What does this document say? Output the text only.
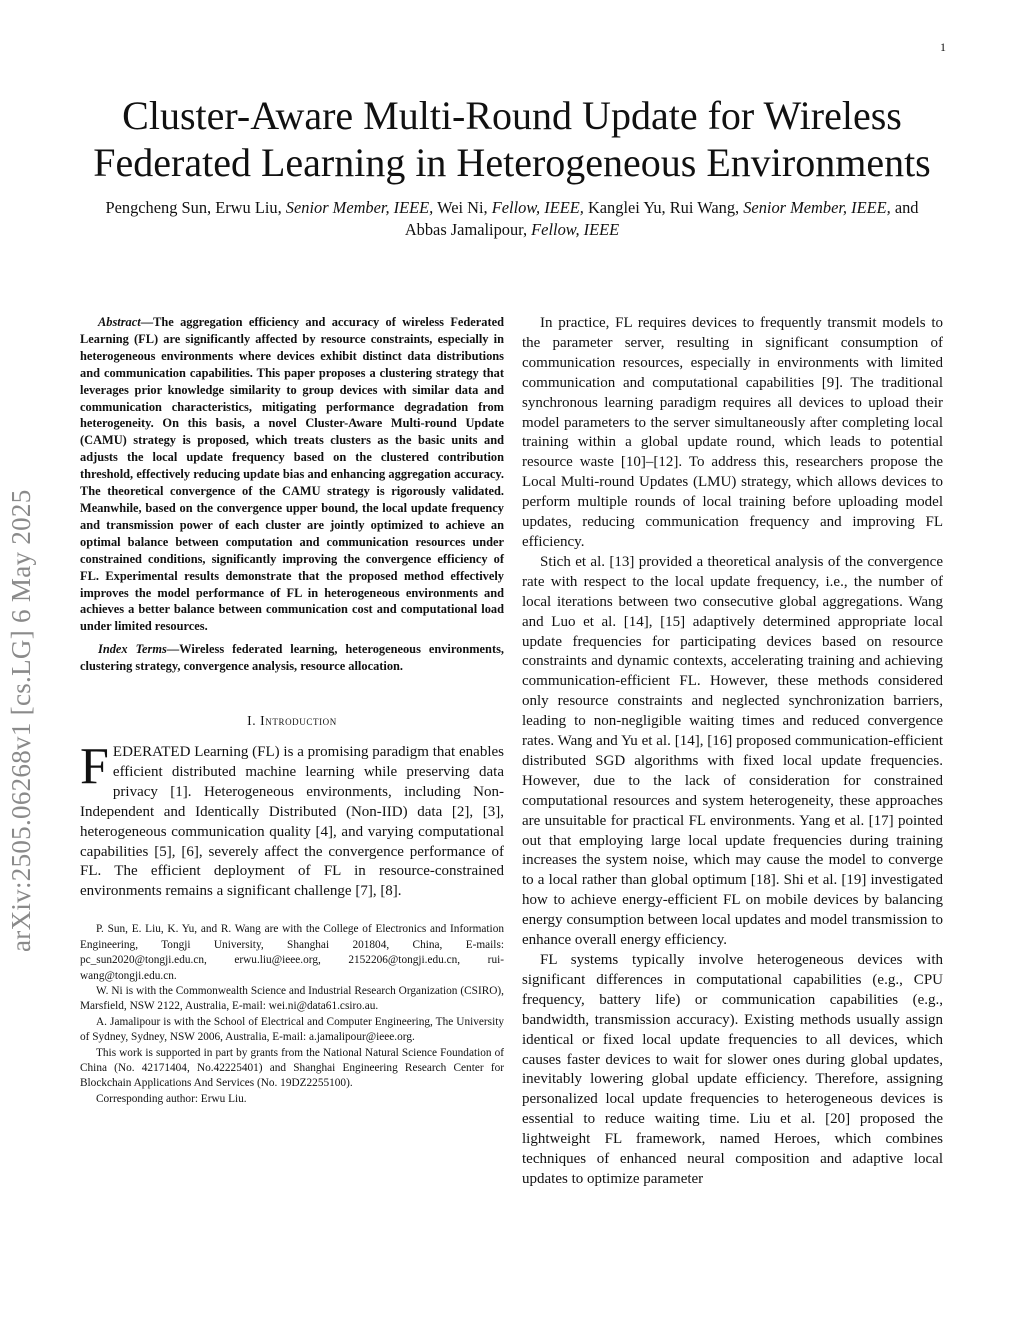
1
arXiv:2505.06268v1 [cs.LG] 6 May 2025
Cluster-Aware Multi-Round Update for Wireless Federated Learning in Heterogeneous Environments
Pengcheng Sun, Erwu Liu, Senior Member, IEEE, Wei Ni, Fellow, IEEE, Kanglei Yu, Rui Wang, Senior Member, IEEE, and Abbas Jamalipour, Fellow, IEEE

Abstract—The aggregation efficiency and accuracy of wireless Federated Learning (FL) are significantly affected by resource constraints, especially in heterogeneous environments where devices exhibit distinct data distributions and communication capabilities. This paper proposes a clustering strategy that leverages prior knowledge similarity to group devices with similar data and communication characteristics, mitigating performance degradation from heterogeneity. On this basis, a novel Cluster-Aware Multi-round Update (CAMU) strategy is proposed, which treats clusters as the basic units and adjusts the local update frequency based on the clustered contribution threshold, effectively reducing update bias and enhancing aggregation accuracy. The theoretical convergence of the CAMU strategy is rigorously validated. Meanwhile, based on the convergence upper bound, the local update frequency and transmission power of each cluster are jointly optimized to achieve an optimal balance between computation and communication resources under constrained conditions, significantly improving the convergence efficiency of FL. Experimental results demonstrate that the proposed method effectively improves the model performance of FL in heterogeneous environments and achieves a better balance between communication cost and computational load under limited resources.

Index Terms—Wireless federated learning, heterogeneous environments, clustering strategy, convergence analysis, resource allocation.

I. Introduction

FEDERATED Learning (FL) is a promising paradigm that enables efficient distributed machine learning while preserving data privacy [1]. Heterogeneous environments, including Non-Independent and Identically Distributed (Non-IID) data [2], [3], heterogeneous communication quality [4], and varying computational capabilities [5], [6], severely affect the convergence performance of FL. The efficient deployment of FL in resource-constrained environments remains a significant challenge [7], [8].

P. Sun, E. Liu, K. Yu, and R. Wang are with the College of Electronics and Information Engineering, Tongji University, Shanghai 201804, China, E-mails: pc_sun2020@tongji.edu.cn, erwu.liu@ieee.org, 2152206@tongji.edu.cn, rui-wang@tongji.edu.cn.

W. Ni is with the Commonwealth Science and Industrial Research Organization (CSIRO), Marsfield, NSW 2122, Australia, E-mail: wei.ni@data61.csiro.au.

A. Jamalipour is with the School of Electrical and Computer Engineering, The University of Sydney, Sydney, NSW 2006, Australia, E-mail: a.jamalipour@ieee.org.

This work is supported in part by grants from the National Natural Science Foundation of China (No. 42171404, No.42225401) and Shanghai Engineering Research Center for Blockchain Applications And Services (No. 19DZ2255100).

Corresponding author: Erwu Liu.

In practice, FL requires devices to frequently transmit models to the parameter server, resulting in significant consumption of communication resources, especially in environments with limited communication and computational capabilities [9]. The traditional synchronous learning paradigm requires all devices to upload their model parameters to the server simultaneously after completing local training within a global update round, which leads to potential resource waste [10]–[12]. To address this, researchers propose the Local Multi-round Updates (LMU) strategy, which allows devices to perform multiple rounds of local training before uploading model updates, reducing communication frequency and improving FL efficiency.

Stich et al. [13] provided a theoretical analysis of the convergence rate with respect to the local update frequency, i.e., the number of local iterations between two consecutive global aggregations. Wang and Luo et al. [14], [15] adaptively determined appropriate local update frequencies for participating devices based on resource constraints and dynamic contexts, accelerating training and achieving communication-efficient FL. However, these methods considered only resource constraints and neglected synchronization barriers, leading to non-negligible waiting times and reduced convergence rates. Wang and Yu et al. [14], [16] proposed communication-efficient distributed SGD algorithms with fixed local update frequencies. However, due to the lack of consideration for constrained computational resources and system heterogeneity, these approaches are unsuitable for practical FL environments. Yang et al. [17] pointed out that employing large local update frequencies during training increases the system noise, which may cause the model to converge to a local rather than global optimum [18]. Shi et al. [19] investigated how to achieve energy-efficient FL on mobile devices by balancing energy consumption between local updates and model transmission to enhance overall energy efficiency.

FL systems typically involve heterogeneous devices with significant differences in computational capabilities (e.g., CPU frequency, battery life) or communication capabilities (e.g., bandwidth, transmission accuracy). Existing methods usually assign identical or fixed local update frequencies to all devices, which causes faster devices to wait for slower ones during global updates, inevitably lowering global update efficiency. Therefore, assigning personalized local update frequencies to heterogeneous devices is essential to reduce waiting time. Liu et al. [20] proposed the lightweight FL framework, named Heroes, which combines techniques of enhanced neural composition and adaptive local updates to optimize parameter
